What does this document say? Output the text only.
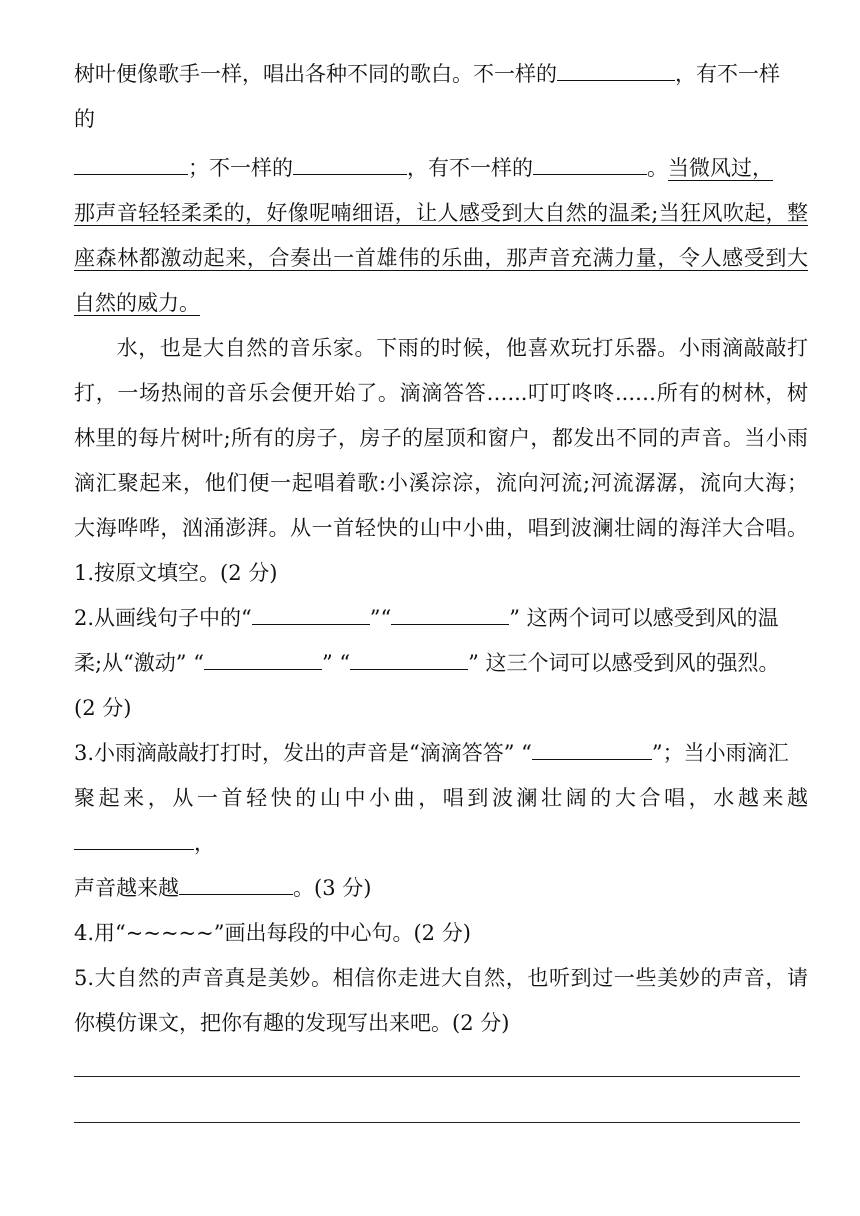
树叶便像歌手一样，唱出各种不同的歌白。不一样的	，有不一样
的
；不一样的	，有不一样的	。当微风过，
那声音轻轻柔柔的，好像呢喃细语，让人感受到大自然的温柔;当狂风吹起，整
座森林都激动起来，合奏出一首雄伟的乐曲，那声音充满力量，令人感受到大
自然的威力。
水，也是大自然的音乐家。下雨的时候，他喜欢玩打乐器。小雨滴敲敲打
打，一场热闹的音乐会便开始了。滴滴答答…...叮叮咚咚...…所有的树林，树
林里的每片树叶;所有的房子，房子的屋顶和窗户，都发出不同的声音。当小雨
滴汇聚起来，他们便一起唱着歌:小溪淙淙，流向河流;河流潺潺，流向大海；
大海哗哗，汹涌澎湃。从一首轻快的山中小曲，唱到波澜壮阔的海洋大合唱。
1.按原文填空。(2 分)
2.从画线句子中的“	”“	” 这两个词可以感受到风的温
柔;从“激动” “	” “	” 这三个词可以感受到风的强烈。
(2 分)
3.小雨滴敲敲打打时，发出的声音是“滴滴答答” “	”；当小雨滴汇
聚起来，从一首轻快的山中小曲，唱到波澜壮阔的大合唱，水越来越
，
声音越来越	。(3 分)
4.用“~~~~~”画出每段的中心句。(2 分)
5.大自然的声音真是美妙。相信你走进大自然，也听到过一些美妙的声音，请
你模仿课文，把你有趣的发现写出来吧。(2 分)
